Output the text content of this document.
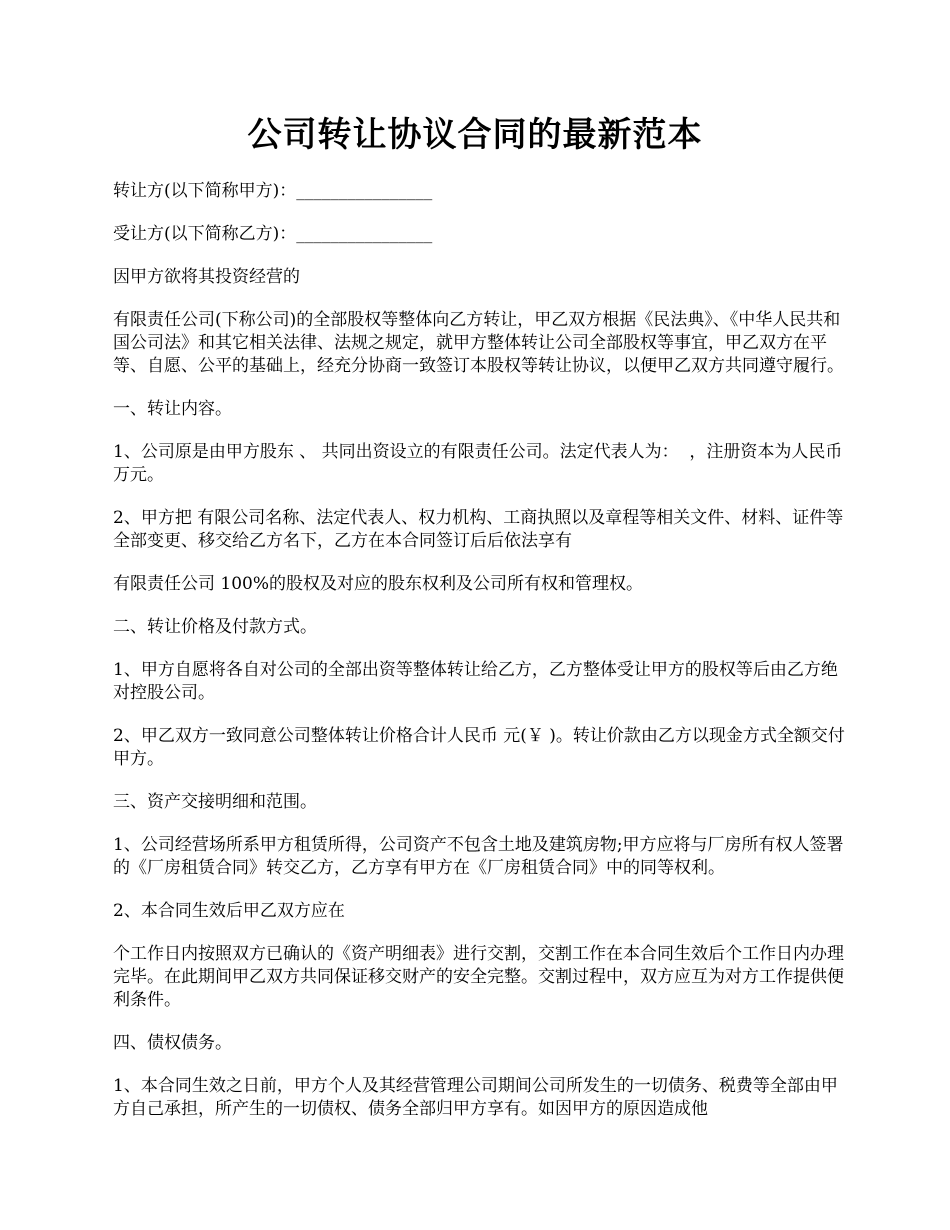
公司转让协议合同的最新范本

转让方(以下简称甲方)：________________

受让方(以下简称乙方)：________________

因甲方欲将其投资经营的

有限责任公司(下称公司)的全部股权等整体向乙方转让，甲乙双方根据《民法典》、《中华人民共和国公司法》和其它相关法律、法规之规定，就甲方整体转让公司全部股权等事宜，甲乙双方在平等、自愿、公平的基础上，经充分协商一致签订本股权等转让协议，以便甲乙双方共同遵守履行。

一、转让内容。

1、公司原是由甲方股东 、 共同出资设立的有限责任公司。法定代表人为：  ，注册资本为人民币 万元。

2、甲方把 有限公司名称、法定代表人、权力机构、工商执照以及章程等相关文件、材料、证件等全部变更、移交给乙方名下，乙方在本合同签订后后依法享有

有限责任公司 100%的股权及对应的股东权利及公司所有权和管理权。

二、转让价格及付款方式。

1、甲方自愿将各自对公司的全部出资等整体转让给乙方，乙方整体受让甲方的股权等后由乙方绝对控股公司。

2、甲乙双方一致同意公司整体转让价格合计人民币 元(￥ )。转让价款由乙方以现金方式全额交付甲方。

三、资产交接明细和范围。

1、公司经营场所系甲方租赁所得，公司资产不包含土地及建筑房物;甲方应将与厂房所有权人签署的《厂房租赁合同》转交乙方，乙方享有甲方在《厂房租赁合同》中的同等权利。

2、本合同生效后甲乙双方应在

个工作日内按照双方已确认的《资产明细表》进行交割，交割工作在本合同生效后个工作日内办理完毕。在此期间甲乙双方共同保证移交财产的安全完整。交割过程中，双方应互为对方工作提供便利条件。

四、债权债务。

1、本合同生效之日前，甲方个人及其经营管理公司期间公司所发生的一切债务、税费等全部由甲方自己承担，所产生的一切债权、债务全部归甲方享有。如因甲方的原因造成他
